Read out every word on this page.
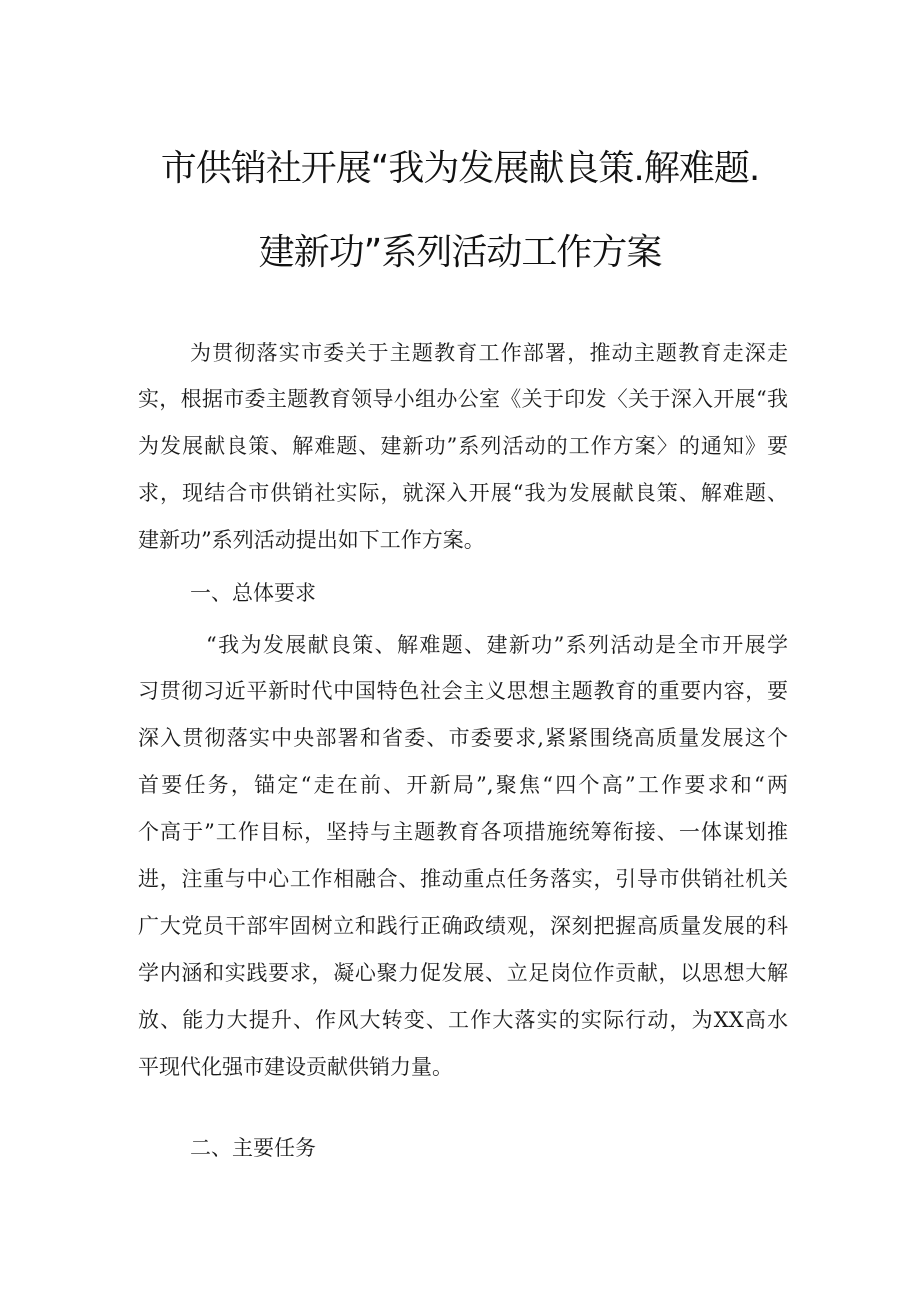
市供销社开展“我为发展献良策.解难题.
建新功”系列活动工作方案
为贯彻落实市委关于主题教育工作部署，推动主题教育走深走
实，根据市委主题教育领导小组办公室《关于印发〈关于深入开展“我
为发展献良策、解难题、建新功”系列活动的工作方案〉的通知》要
求，现结合市供销社实际，就深入开展“我为发展献良策、解难题、
建新功”系列活动提出如下工作方案。
一、总体要求
“我为发展献良策、解难题、建新功”系列活动是全市开展学
习贯彻习近平新时代中国特色社会主义思想主题教育的重要内容，要
深入贯彻落实中央部署和省委、市委要求,紧紧围绕高质量发展这个
首要任务，锚定“走在前、开新局”,聚焦“四个高”工作要求和“两
个高于”工作目标，坚持与主题教育各项措施统筹衔接、一体谋划推
进，注重与中心工作相融合、推动重点任务落实，引导市供销社机关
广大党员干部牢固树立和践行正确政绩观，深刻把握高质量发展的科
学内涵和实践要求，凝心聚力促发展、立足岗位作贡献，以思想大解
放、能力大提升、作风大转变、工作大落实的实际行动，为XX高水
平现代化强市建设贡献供销力量。
二、主要任务
